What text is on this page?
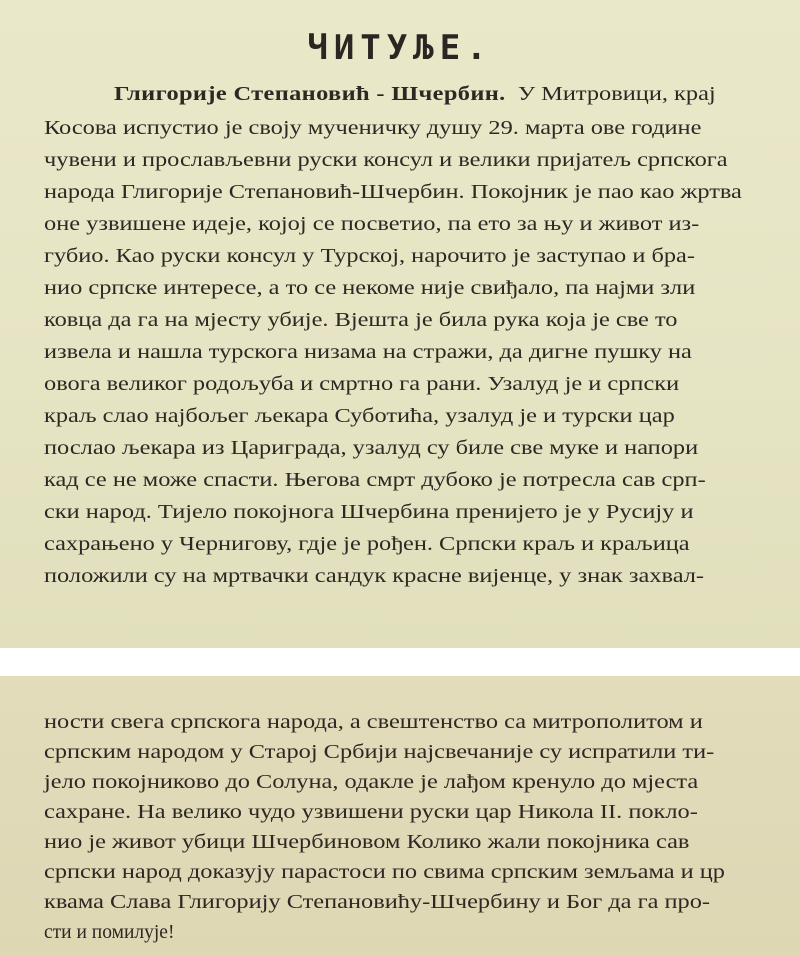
ЧИТУЉЕ.
Глигорије Степановић - Шчербин. У Митровици, крај
Косова испустио је своју мученичку душу 29. марта ове године
чувени и прослављевни руски консул и велики пријатељ српскога
народа Глигорије Степановић-Шчербин. Покојник је пао као жртва
оне узвишене идеје, којој се посветио, па ето за њу и живот из-
губио. Као руски консул у Турској, нарочито је заступао и бра-
нио српске интересе, а то се некоме није свиђало, па најми зли
ковца да га на мјесту убије. Вјешта је била рука која је све то
извела и нашла турскога низама на стражи, да дигне пушку на
овога великог родољуба и смртно га рани. Узалуд је и српски
краљ слао најбољег љекара Суботића, узалуд је и турски цар
послао љекара из Цариграда, узалуд су биле све муке и напори
кад се не може спасти. Његова смрт дубоко је потресла сав срп-
ски народ. Тијело покојнога Шчербина пренијето је у Русију и
сахрањено у Чернигову, гдје је рођен. Српски краљ и краљица
положили су на мртвачки сандук красне вијенце, у знак захвал-
ности свега српскога народа, а свештенство са митрополитом и
српским народом у Старој Србији најсвечаније су испратили ти-
јело покојниково до Солуна, одакле је лађом кренуло до мјеста
сахране. На велико чудо узвишени руски цар Никола II. покло-
нио је живот убици Шчербиновом Колико жали покојника сав
српски народ доказују парастоси по свима српским земљама и цр
квама Слава Глигорију Степановићу-Шчербину и Бог да га про-
сти и помилује!
